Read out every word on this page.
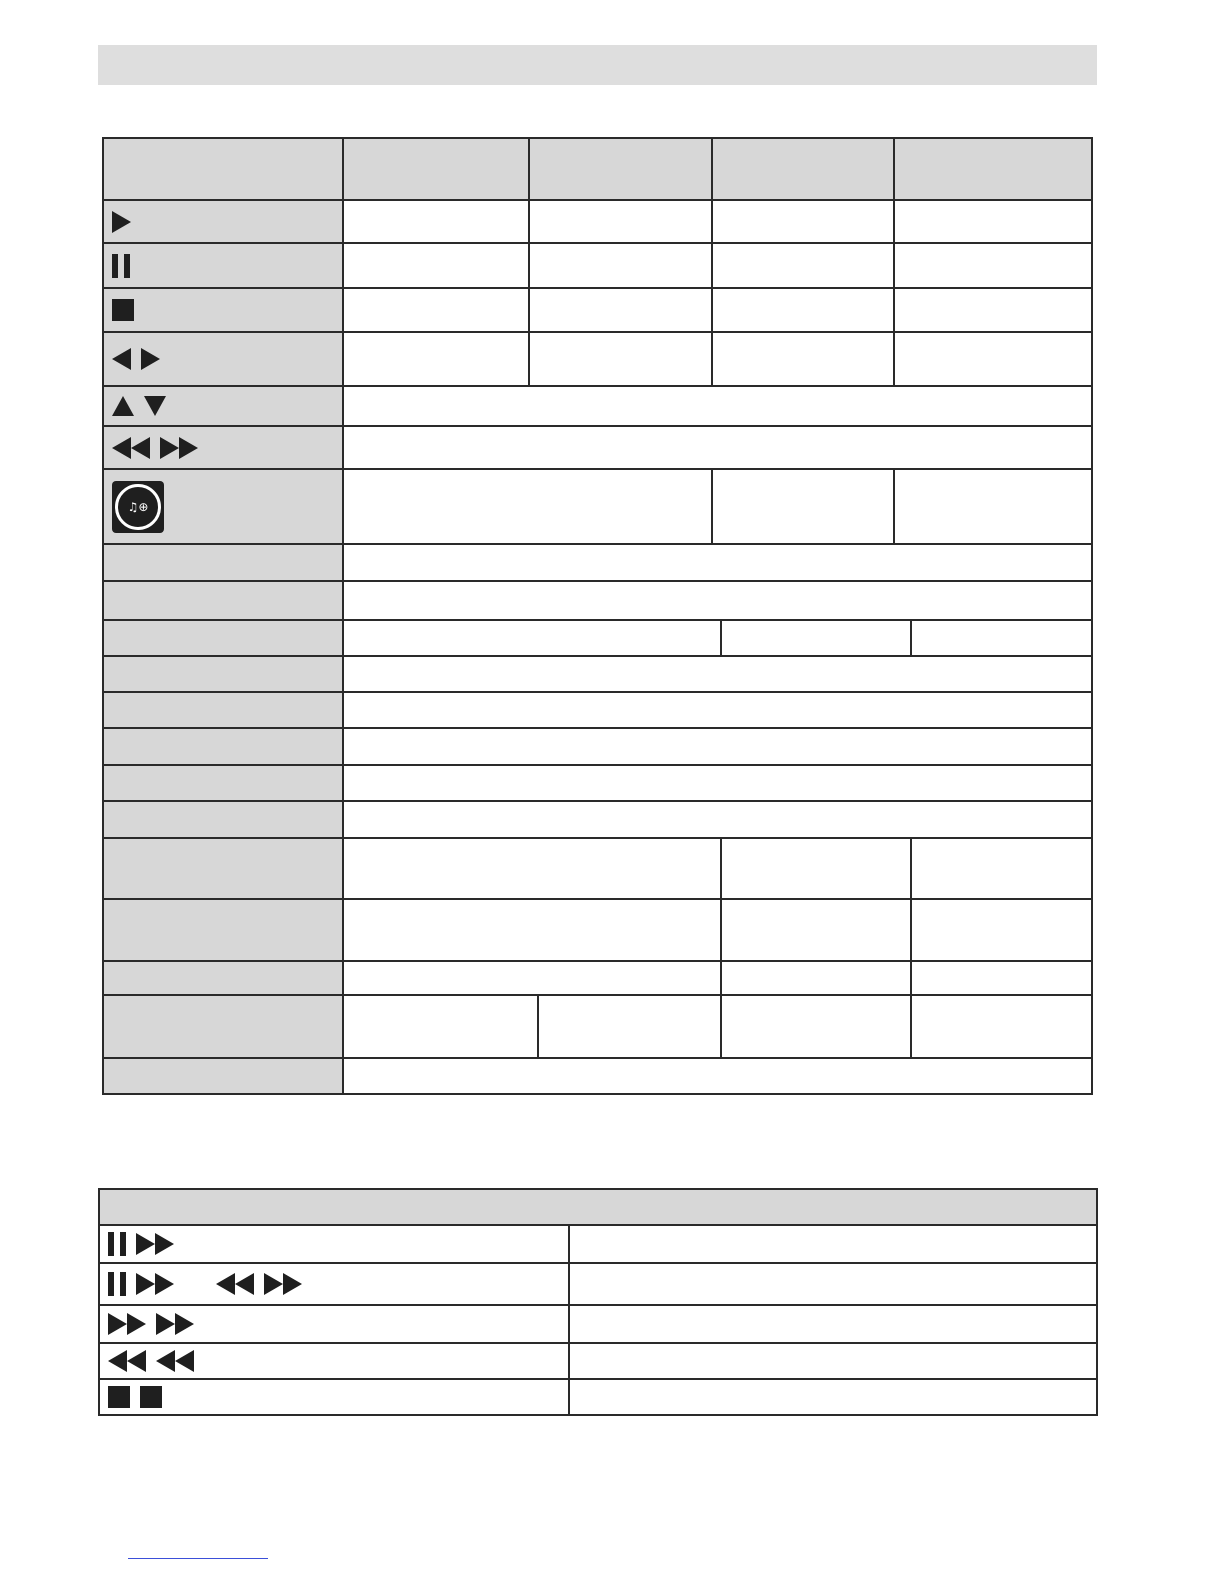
♫⊕
